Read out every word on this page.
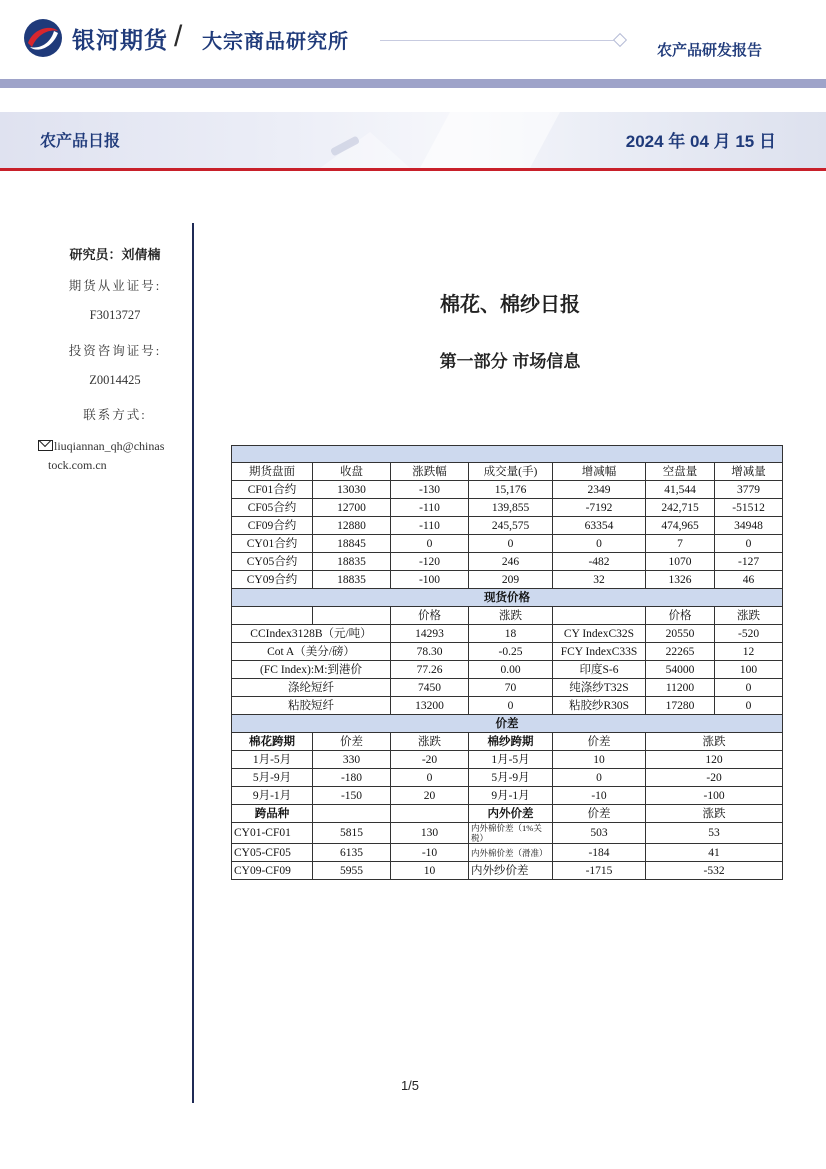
银河期货 / 大宗商品研究所	农产品研发报告
农产品日报	2024 年 04 月 15 日
研究员：刘倩楠
期货从业证号:
F3013727
投资咨询证号:
Z0014425
联系方式:
liuqiannan_qh@chinas
tock.com.cn
棉花、棉纱日报
第一部分 市场信息

期货盘面	收盘	涨跌幅	成交量(手)	增减幅	空盘量	增减量
CF01合约	13030	-130	15,176	2349	41,544	3779
CF05合约	12700	-110	139,855	-7192	242,715	-51512
CF09合约	12880	-110	245,575	63354	474,965	34948
CY01合约	18845	0	0	0	7	0
CY05合约	18835	-120	246	-482	1070	-127
CY09合约	18835	-100	209	32	1326	46
现货价格						
		价格	涨跌		价格	涨跌
CCIndex3128B（元/吨）		14293	18	CY IndexC32S	20550	-520
Cot A（美分/磅）		78.30	-0.25	FCY IndexC33S	22265	12
(FC Index):M:到港价		77.26	0.00	印度S-6	54000	100
涤纶短纤		7450	70	纯涤纱T32S	11200	0
粘胶短纤		13200	0	粘胶纱R30S	17280	0
价差						
棉花跨期	价差	涨跌	棉纱跨期	价差	涨跌	
1月-5月	330	-20	1月-5月	10	120	
5月-9月	-180	0	5月-9月	0	-20	
9月-1月	-150	20	9月-1月	-10	-100	
跨品种			内外价差	价差	涨跌	
CY01-CF01	5815	130	内外棉价差（1%关税）	503	53	
CY05-CF05	6135	-10	内外棉价差（滑准）	-184	41	
CY09-CF09	5955	10	内外纱价差	-1715	-532	
1/5
